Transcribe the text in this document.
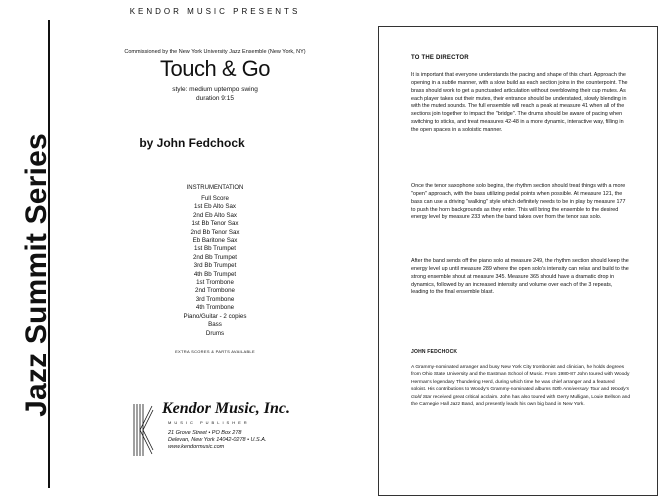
Jazz Summit Series
KENDOR MUSIC PRESENTS
Commissioned by the New York University Jazz Ensemble (New York, NY)
Touch & Go
style: medium uptempo swing
duration 9:15
by John Fedchock
INSTRUMENTATION
Full Score
1st Eb Alto Sax
2nd Eb Alto Sax
1st Bb Tenor Sax
2nd Bb Tenor Sax
Eb Baritone Sax
1st Bb Trumpet
2nd Bb Trumpet
3rd Bb Trumpet
4th Bb Trumpet
1st Trombone
2nd Trombone
3rd Trombone
4th Trombone
Piano/Guitar - 2 copies
Bass
Drums
EXTRA SCORES & PARTS AVAILABLE
Kendor Music, Inc.
MUSIC PUBLISHER
21 Grove Street • PO Box 278
Delevan, New York 14042-0278 • U.S.A.
www.kendormusic.com

TO THE DIRECTOR

It is important that everyone understands the pacing and shape of this chart. Approach the opening in a subtle manner, with a slow build as each section joins in the counterpoint. The brass should work to get a punctuated articulation without overblowing their cup mutes. As each player takes out their mutes, their entrance should be understated, slowly blending in with the muted sounds. The full ensemble will reach a peak at measure 41 when all of the sections join together to impact the "bridge". The drums should be aware of pacing when switching to sticks, and treat measures 42-48 in a more dynamic, interactive way, filling in the open spaces in a soloistic manner.

Once the tenor saxophone solo begins, the rhythm section should treat things with a more "open" approach, with the bass utilizing pedal points when possible. At measure 121, the bass can use a driving "walking" style which definitely needs to be in play by measure 177 to push the horn backgrounds as they enter. This will bring the ensemble to the desired energy level by measure 233 when the band takes over from the tenor sax solo.

After the band sends off the piano solo at measure 249, the rhythm section should keep the energy level up until measure 289 where the open solo's intensity can relax and build to the strong ensemble shout at measure 345. Measure 365 should have a dramatic drop in dynamics, followed by an increased intensity and volume over each of the 3 repeats, leading to the final ensemble blast.

JOHN FEDCHOCK

A Grammy-nominated arranger and busy New York City trombonist and clinician, he holds degrees from Ohio State University and the Eastman School of Music. From 1980-87 John toured with Woody Herman's legendary Thundering Herd, during which time he was chief arranger and a featured soloist. His contributions to Woody's Grammy-nominated albums 50th Anniversary Tour and Woody's Gold Star received great critical acclaim. John has also toured with Gerry Mulligan, Louie Bellson and the Carnegie Hall Jazz Band, and presently leads his own big band in New York.
